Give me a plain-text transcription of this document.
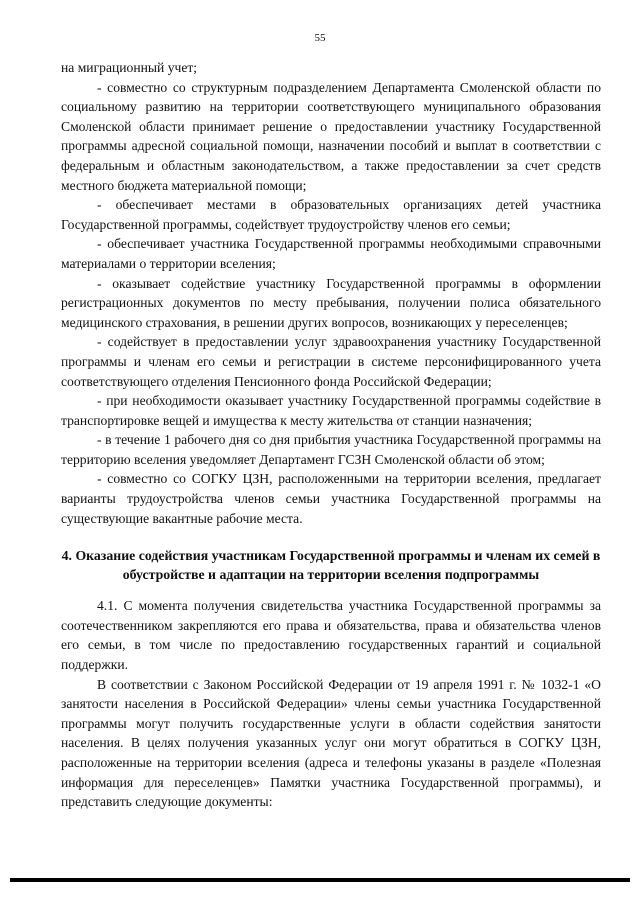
55

на миграционный учет;

- совместно со структурным подразделением Департамента Смоленской области по социальному развитию на территории соответствующего муниципального образования Смоленской области принимает решение о предоставлении участнику Государственной программы адресной социальной помощи, назначении пособий и выплат в соответствии с федеральным и областным законодательством, а также предоставлении за счет средств местного бюджета материальной помощи;

- обеспечивает местами в образовательных организациях детей участника Государственной программы, содействует трудоустройству членов его семьи;

- обеспечивает участника Государственной программы необходимыми справочными материалами о территории вселения;

- оказывает содействие участнику Государственной программы в оформлении регистрационных документов по месту пребывания, получении полиса обязательного медицинского страхования, в решении других вопросов, возникающих у переселенцев;

- содействует в предоставлении услуг здравоохранения участнику Государственной программы и членам его семьи и регистрации в системе персонифицированного учета соответствующего отделения Пенсионного фонда Российской Федерации;

- при необходимости оказывает участнику Государственной программы содействие в транспортировке вещей и имущества к месту жительства от станции назначения;

- в течение 1 рабочего дня со дня прибытия участника Государственной программы на территорию вселения уведомляет Департамент ГСЗН Смоленской области об этом;

- совместно со СОГКУ ЦЗН, расположенными на территории вселения, предлагает варианты трудоустройства членов семьи участника Государственной программы на существующие вакантные рабочие места.

4. Оказание содействия участникам Государственной программы и членам их семей в обустройстве и адаптации на территории вселения подпрограммы

4.1. С момента получения свидетельства участника Государственной программы за соотечественником закрепляются его права и обязательства, права и обязательства членов его семьи, в том числе по предоставлению государственных гарантий и социальной поддержки.

В соответствии с Законом Российской Федерации от 19 апреля 1991 г. № 1032-1 «О занятости населения в Российской Федерации» члены семьи участника Государственной программы могут получить государственные услуги в области содействия занятости населения. В целях получения указанных услуг они могут обратиться в СОГКУ ЦЗН, расположенные на территории вселения (адреса и телефоны указаны в разделе «Полезная информация для переселенцев» Памятки участника Государственной программы), и представить следующие документы:
